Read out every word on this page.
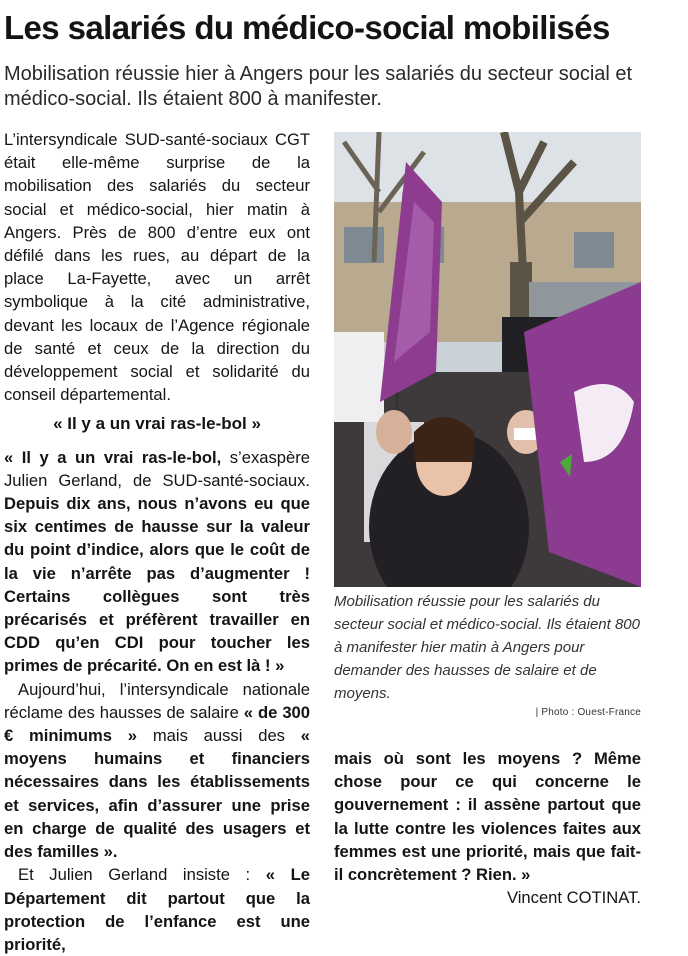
Les salariés du médico-social mobilisés

Mobilisation réussie hier à Angers pour les salariés du secteur social et médico-social. Ils étaient 800 à manifester.

L’intersyndicale SUD-santé-sociaux CGT était elle-même surprise de la mobilisation des salariés du secteur social et médico-social, hier matin à Angers. Près de 800 d’entre eux ont défilé dans les rues, au départ de la place La-Fayette, avec un arrêt symbolique à la cité administrative, devant les locaux de l’Agence régionale de santé et ceux de la direction du développement social et solidarité du conseil départemental.

« Il y a un vrai ras-le-bol »

« Il y a un vrai ras-le-bol, s’exaspère Julien Gerland, de SUD-santé-sociaux. Depuis dix ans, nous n’avons eu que six centimes de hausse sur la valeur du point d’indice, alors que le coût de la vie n’arrête pas d’augmenter ! Certains collègues sont très précarisés et préfèrent travailler en CDD qu’en CDI pour toucher les primes de précarité. On en est là ! »

Aujourd’hui, l’intersyndicale nationale réclame des hausses de salaire « de 300 € minimums » mais aussi des « moyens humains et financiers nécessaires dans les établissements et services, afin d’assurer une prise en charge de qualité des usagers et des familles ».

Et Julien Gerland insiste : « Le Département dit partout que la protection de l’enfance est une priorité,

Mobilisation réussie pour les salariés du secteur social et médico-social. Ils étaient 800 à manifester hier matin à Angers pour demander des hausses de salaire et de moyens.

| Photo : Ouest-France

mais où sont les moyens ? Même chose pour ce qui concerne le gouvernement : il assène partout que la lutte contre les violences faites aux femmes est une priorité, mais que fait-il concrètement ? Rien. »

Vincent COTINAT.
